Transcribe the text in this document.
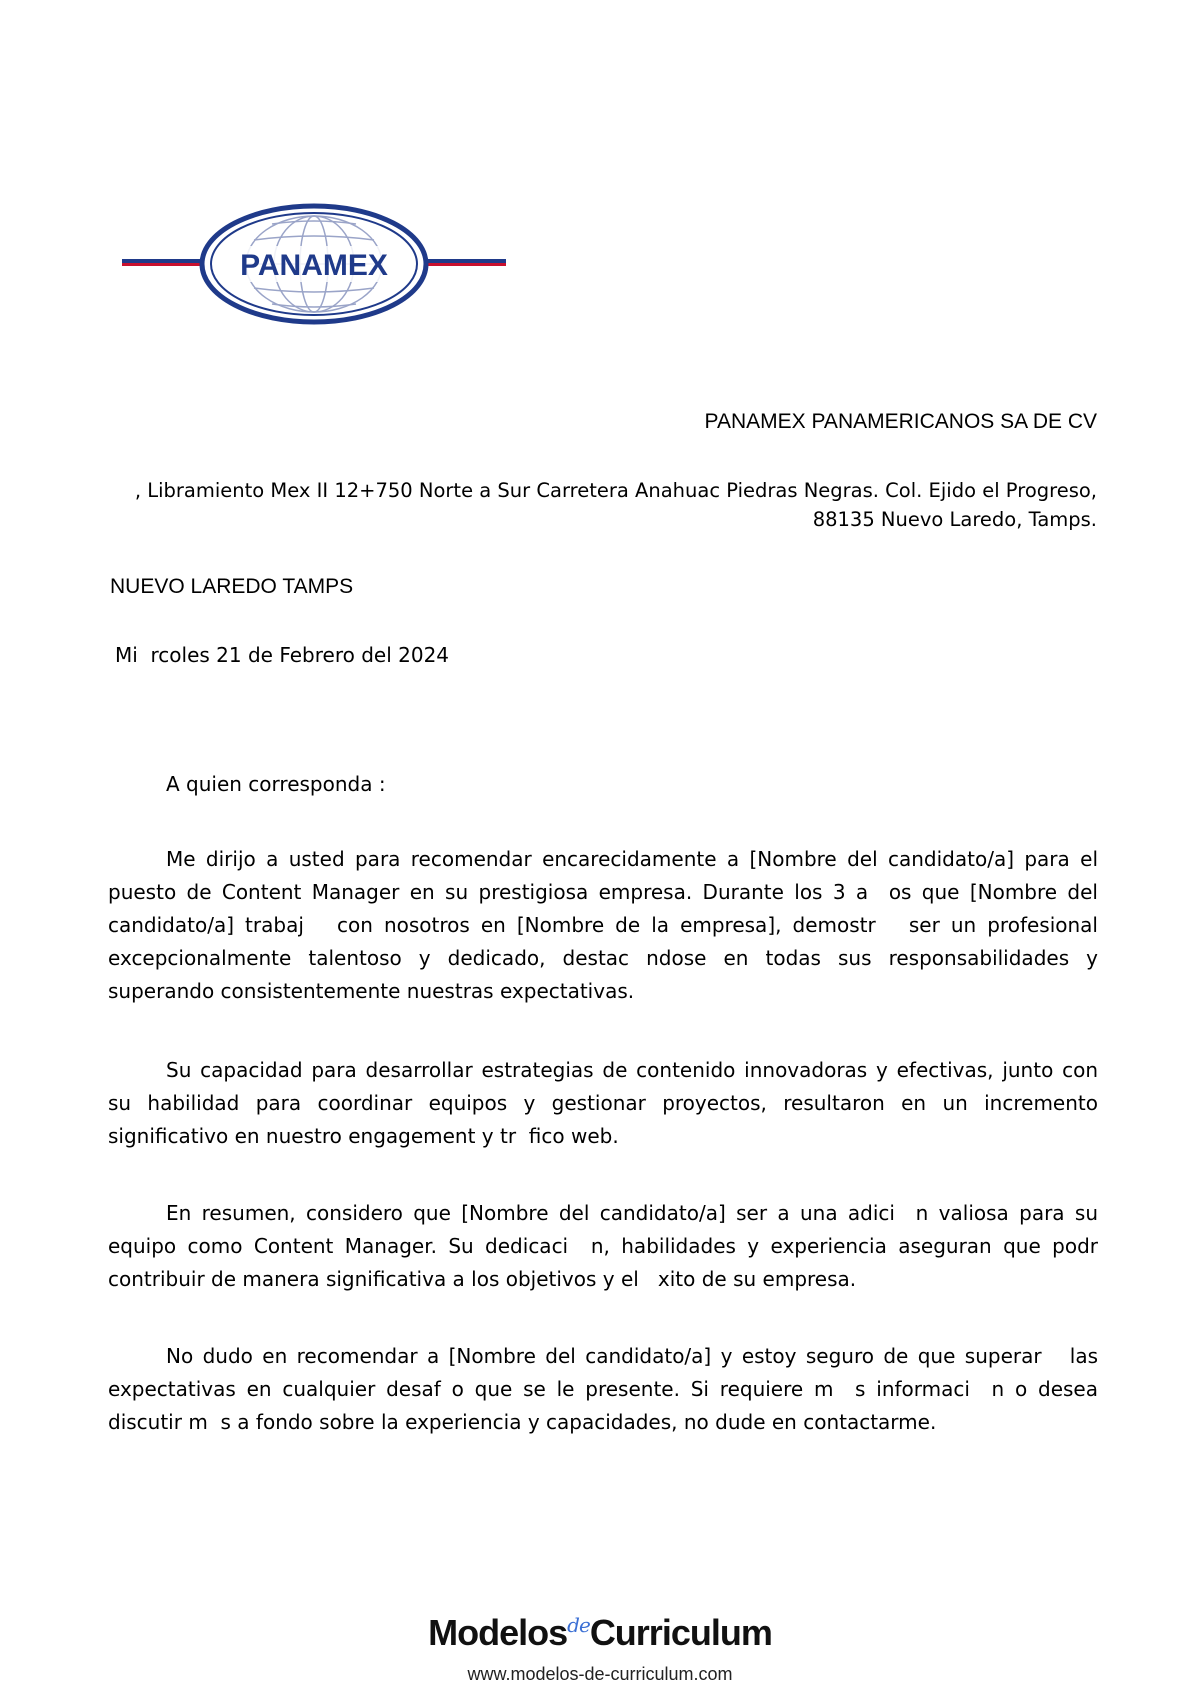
PANAMEX
PANAMEX PANAMERICANOS SA DE CV
, Libramiento Mex II 12+750 Norte a Sur Carretera Anahuac Piedras Negras. Col. Ejido el Progreso,
88135 Nuevo Laredo, Tamps.
NUEVO LAREDO TAMPS
Mi  rcoles 21 de Febrero del 2024
A quien corresponda :
Me dirijo a usted para recomendar encarecidamente a [Nombre del candidato/a] para el puesto de Content Manager en su prestigiosa empresa. Durante los 3 a  os que [Nombre del candidato/a] trabaj   con nosotros en [Nombre de la empresa], demostr   ser un profesional excepcionalmente talentoso y dedicado, destac ndose en todas sus responsabilidades y superando consistentemente nuestras expectativas.
Su capacidad para desarrollar estrategias de contenido innovadoras y efectivas, junto con su habilidad para coordinar equipos y gestionar proyectos, resultaron en un incremento significativo en nuestro engagement y tr  fico web.
En resumen, considero que [Nombre del candidato/a] ser a una adici  n valiosa para su equipo como Content Manager. Su dedicaci  n, habilidades y experiencia aseguran que podr  contribuir de manera significativa a los objetivos y el   xito de su empresa.
No dudo en recomendar a [Nombre del candidato/a] y estoy seguro de que superar   las expectativas en cualquier desaf o que se le presente. Si requiere m  s informaci  n o desea discutir m  s a fondo sobre la experiencia y capacidades, no dude en contactarme.
Modelos$^{de}$Curriculum
www.modelos-de-curriculum.com
